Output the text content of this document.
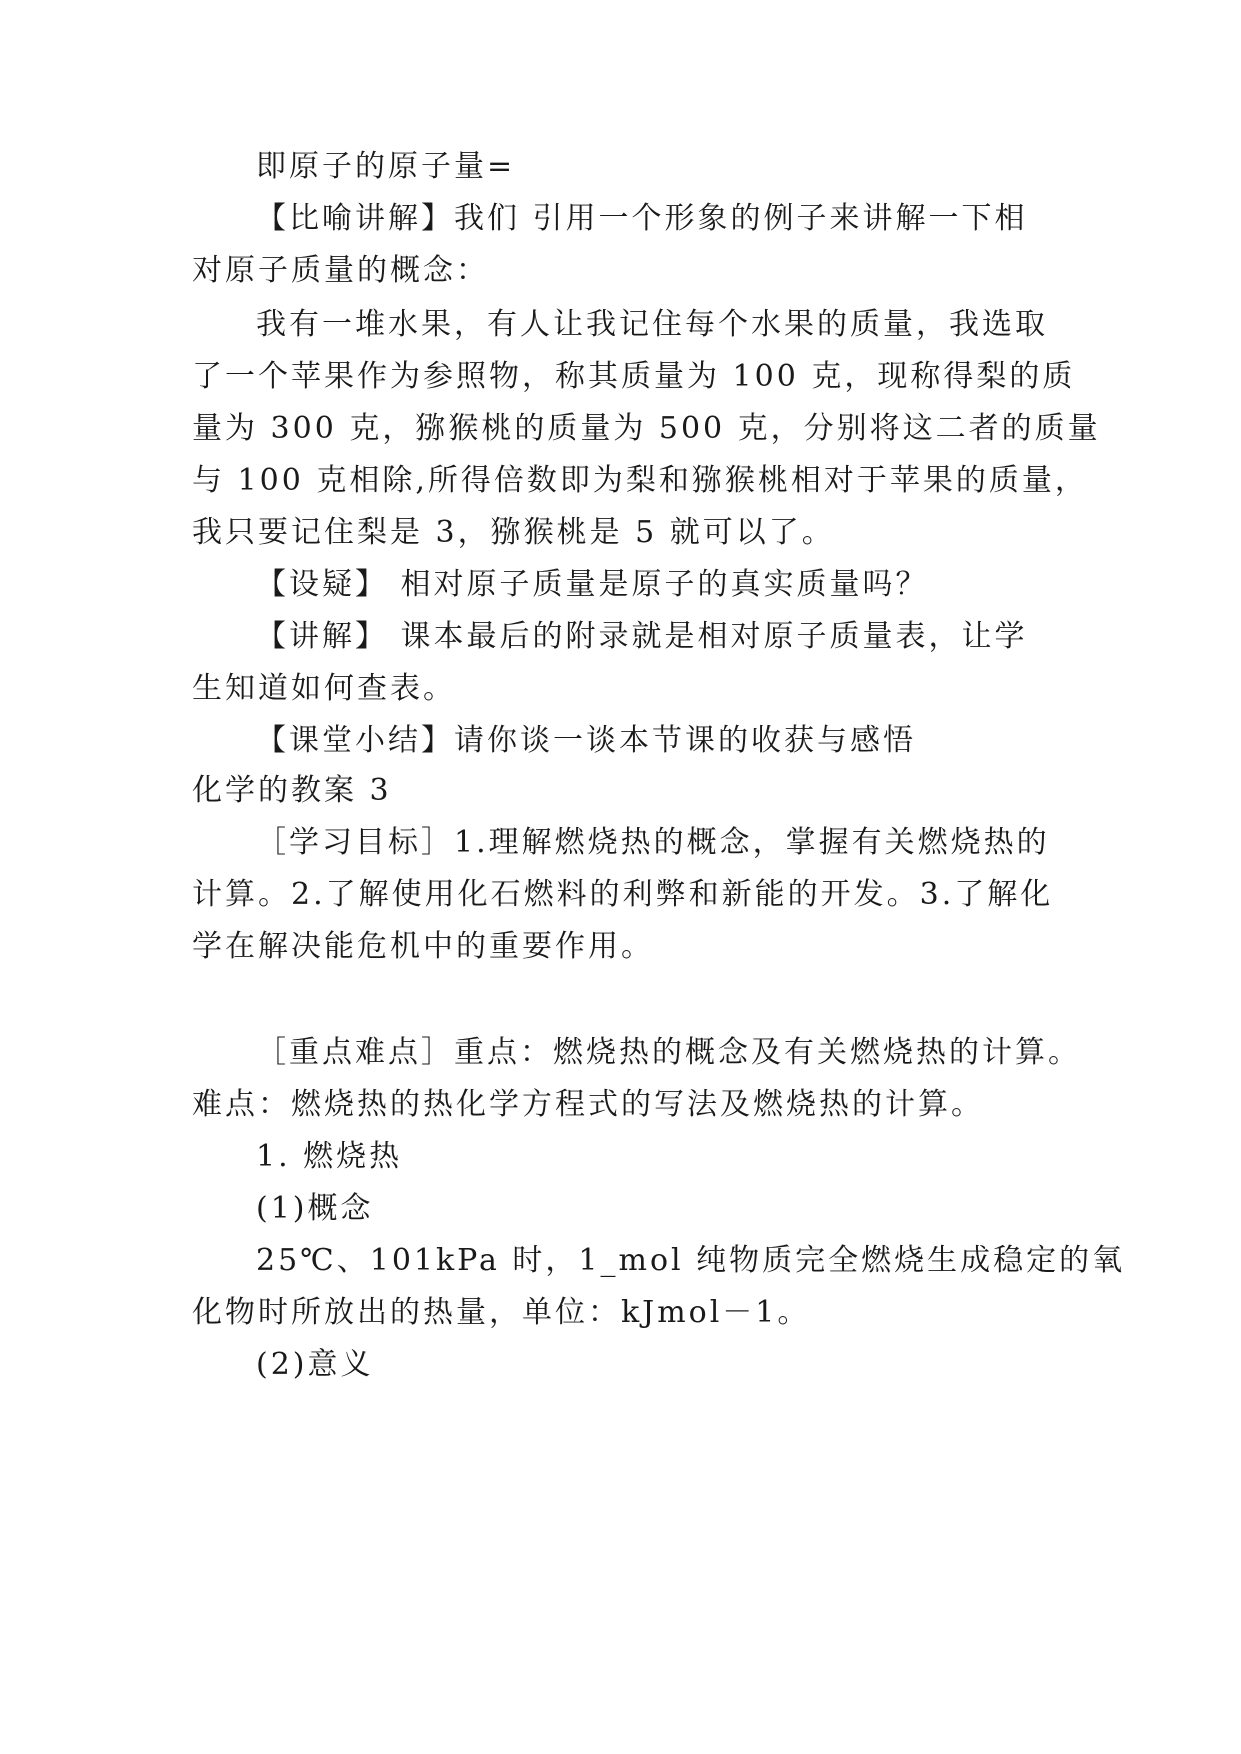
即原子的原子量=

【比喻讲解】我们 引用一个形象的例子来讲解一下相

对原子质量的概念：

我有一堆水果，有人让我记住每个水果的质量，我选取

了一个苹果作为参照物，称其质量为 100 克，现称得梨的质

量为 300 克，猕猴桃的质量为 500 克，分别将这二者的质量

与 100 克相除,所得倍数即为梨和猕猴桃相对于苹果的质量，

我只要记住梨是 3，猕猴桃是 5 就可以了。

【设疑】 相对原子质量是原子的真实质量吗？

【讲解】 课本最后的附录就是相对原子质量表，让学

生知道如何查表。

【课堂小结】请你谈一谈本节课的收获与感悟

化学的教案 3

［学习目标］1.理解燃烧热的概念，掌握有关燃烧热的

计算。2.了解使用化石燃料的利弊和新能的开发。3.了解化

学在解决能危机中的重要作用。

［重点难点］重点：燃烧热的概念及有关燃烧热的计算。

难点：燃烧热的热化学方程式的写法及燃烧热的计算。

1. 燃烧热

(1)概念

25℃、101kPa 时，1_mol 纯物质完全燃烧生成稳定的氧

化物时所放出的热量，单位：kJmol－1。

(2)意义
